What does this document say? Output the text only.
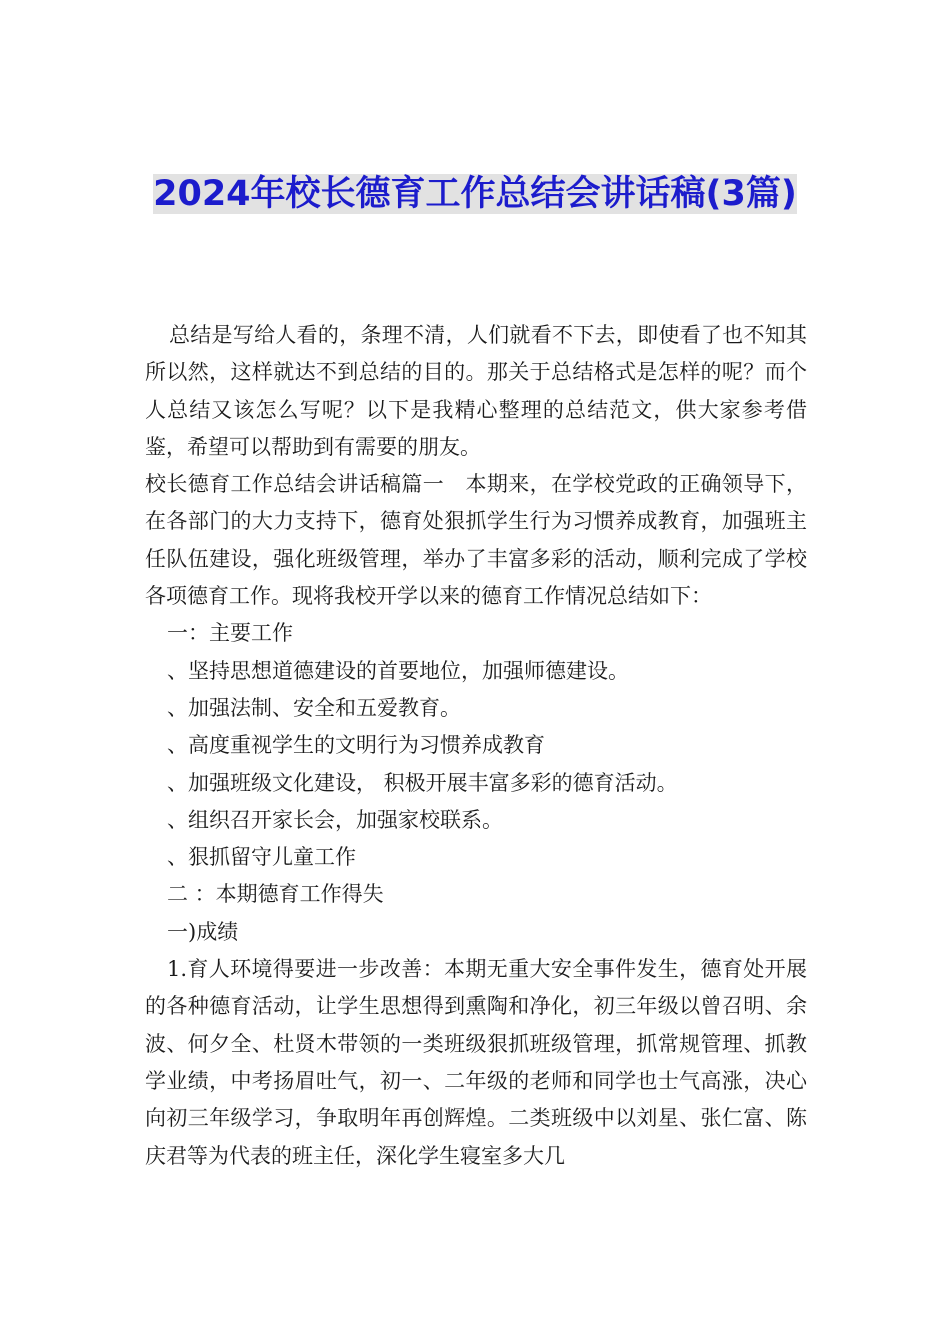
2024年校长德育工作总结会讲话稿(3篇)

总结是写给人看的，条理不清，人们就看不下去，即使看了也不知其所以然，这样就达不到总结的目的。那关于总结格式是怎样的呢？而个人总结又该怎么写呢？以下是我精心整理的总结范文，供大家参考借鉴，希望可以帮助到有需要的朋友。

校长德育工作总结会讲话稿篇一　本期来，在学校党政的正确领导下，在各部门的大力支持下，德育处狠抓学生行为习惯养成教育，加强班主任队伍建设，强化班级管理，举办了丰富多彩的活动，顺利完成了学校各项德育工作。现将我校开学以来的德育工作情况总结如下：

一：主要工作

、坚持思想道德建设的首要地位，加强师德建设。

、加强法制、安全和五爱教育。

、高度重视学生的文明行为习惯养成教育

、加强班级文化建设， 积极开展丰富多彩的德育活动。

、组织召开家长会，加强家校联系。

、狠抓留守儿童工作

二 ：本期德育工作得失

一)成绩

1.育人环境得要进一步改善：本期无重大安全事件发生，德育处开展的各种德育活动，让学生思想得到熏陶和净化，初三年级以曾召明、余波、何夕全、杜贤木带领的一类班级狠抓班级管理，抓常规管理、抓教学业绩，中考扬眉吐气，初一、二年级的老师和同学也士气高涨，决心向初三年级学习，争取明年再创辉煌。二类班级中以刘星、张仁富、陈庆君等为代表的班主任，深化学生寝室多大几
